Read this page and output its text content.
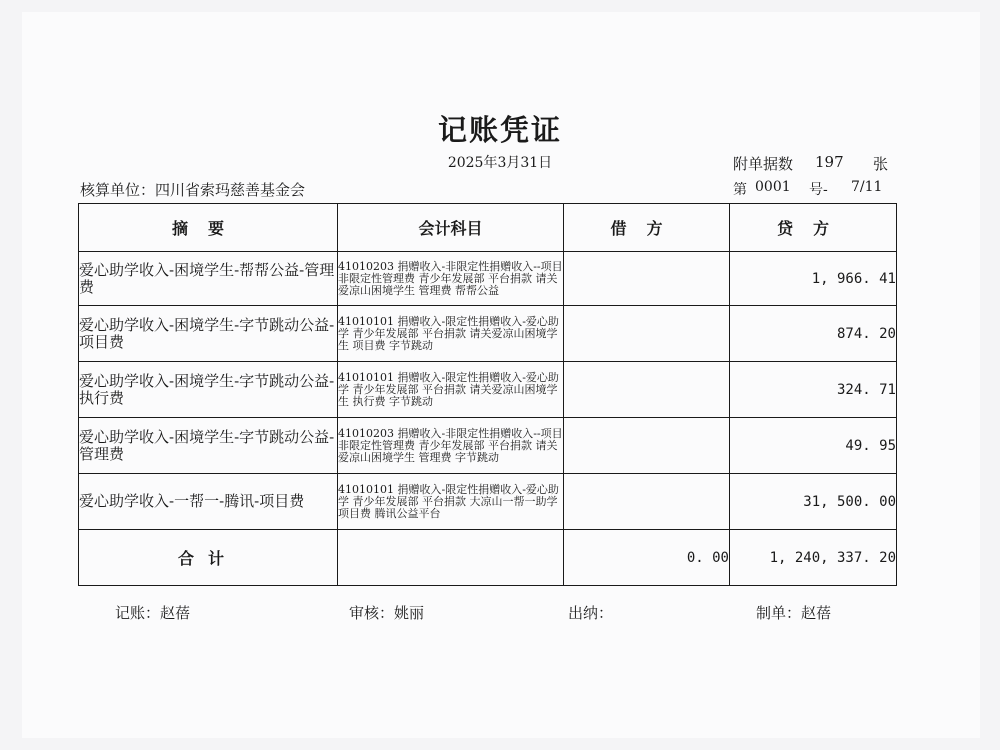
记账凭证
2025年3月31日	附单据数 197 张
核算单位：四川省索玛慈善基金会	第 0001 号- 7/11
摘要	会计科目	借方	贷方
爱心助学收入-困境学生-帮帮公益-管理费	41010203 捐赠收入-非限定性捐赠收入--项目非限定性管理费 青少年发展部 平台捐款 请关爱凉山困境学生 管理费 帮帮公益		1, 966. 41
爱心助学收入-困境学生-字节跳动公益-项目费	41010101 捐赠收入-限定性捐赠收入-爱心助学 青少年发展部 平台捐款 请关爱凉山困境学生 项目费 字节跳动		874. 20
爱心助学收入-困境学生-字节跳动公益-执行费	41010101 捐赠收入-限定性捐赠收入-爱心助学 青少年发展部 平台捐款 请关爱凉山困境学生 执行费 字节跳动		324. 71
爱心助学收入-困境学生-字节跳动公益-管理费	41010203 捐赠收入-非限定性捐赠收入--项目非限定性管理费 青少年发展部 平台捐款 请关爱凉山困境学生 管理费 字节跳动		49. 95
爱心助学收入-一帮一-腾讯-项目费	41010101 捐赠收入-限定性捐赠收入-爱心助学 青少年发展部 平台捐款 大凉山一帮一助学 项目费 腾讯公益平台		31, 500. 00
合计		0. 00	1, 240, 337. 20
记账：赵蓓	审核：姚丽	出纳：	制单：赵蓓
